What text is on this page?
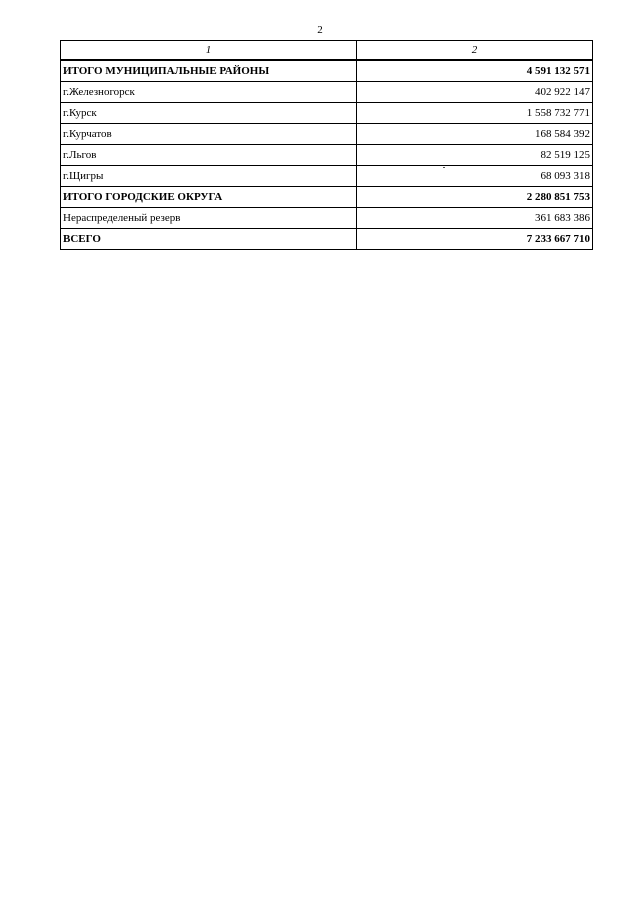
2
1	2
ИТОГО МУНИЦИПАЛЬНЫЕ РАЙОНЫ	4 591 132 571
г.Железногорск	402 922 147
г.Курск	1 558 732 771
г.Курчатов	168 584 392
г.Льгов	82 519 125
г.Щигры	68 093 318
ИТОГО ГОРОДСКИЕ ОКРУГА	2 280 851 753
Нераспределеный резерв	361 683 386
ВСЕГО	7 233 667 710
